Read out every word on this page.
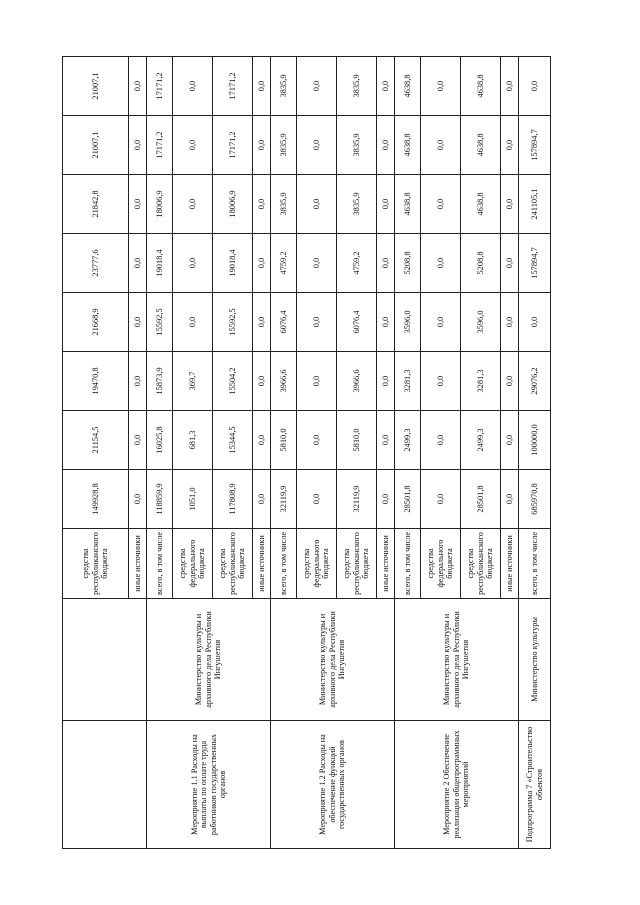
		средства республиканского бюджета	149928,8	21154,5	19470,8	21668,9	23777,6	21842,8	21007,1	21007,1
		иные источники	0,0	0,0	0,0	0,0	0,0	0,0	0,0	0,0
Мероприятие 1.1 Расходы на выплаты по оплате труда работников государственных органов	Министерство культуры и архивного дела Республики Ингушетия	всего, в том числе	118859,9	16025,8	15873,9	15592,5	19018,4	18006,9	17171,2	17171,2
		средства федерального бюджета	1051,0	681,3	369,7	0,0	0,0	0,0	0,0	0,0
		средства республиканского бюджета	117808,9	15344,5	15504,2	15592,5	19018,4	18006,9	17171,2	17171,2
		иные источники	0,0	0,0	0,0	0,0	0,0	0,0	0,0	0,0
Мероприятие 1.2 Расходы на обеспечение функций государственных органов	Министерство культуры и архивного дела Республики Ингушетия	всего, в том числе	32119,9	5810,0	3966,6	6076,4	4759,2	3835,9	3835,9	3835,9
		средства федерального бюджета	0,0	0,0	0,0	0,0	0,0	0,0	0,0	0,0
		средства республиканского бюджета	32119,9	5810,0	3966,6	6076,4	4759,2	3835,9	3835,9	3835,9
		иные источники	0,0	0,0	0,0	0,0	0,0	0,0	0,0	0,0
Мероприятие 2 Обеспечение реализации общепрограммных мероприятий	Министерство культуры и архивного дела Республики Ингушетия	всего, в том числе	28501,8	2499,3	3281,3	3596,0	5208,8	4638,8	4638,8	4638,8
		средства федерального бюджета	0,0	0,0	0,0	0,0	0,0	0,0	0,0	0,0
		средства республиканского бюджета	28501,8	2499,3	3281,3	3596,0	5208,8	4638,8	4638,8	4638,8
		иные источники	0,0	0,0	0,0	0,0	0,0	0,0	0,0	0,0
Подпрограмма 7 «Строительство объектов	Министерство культуры	всего, в том числе	685970,8	100000,0	29076,2	0,0	157894,7	241105,1	157894,7	0,0
